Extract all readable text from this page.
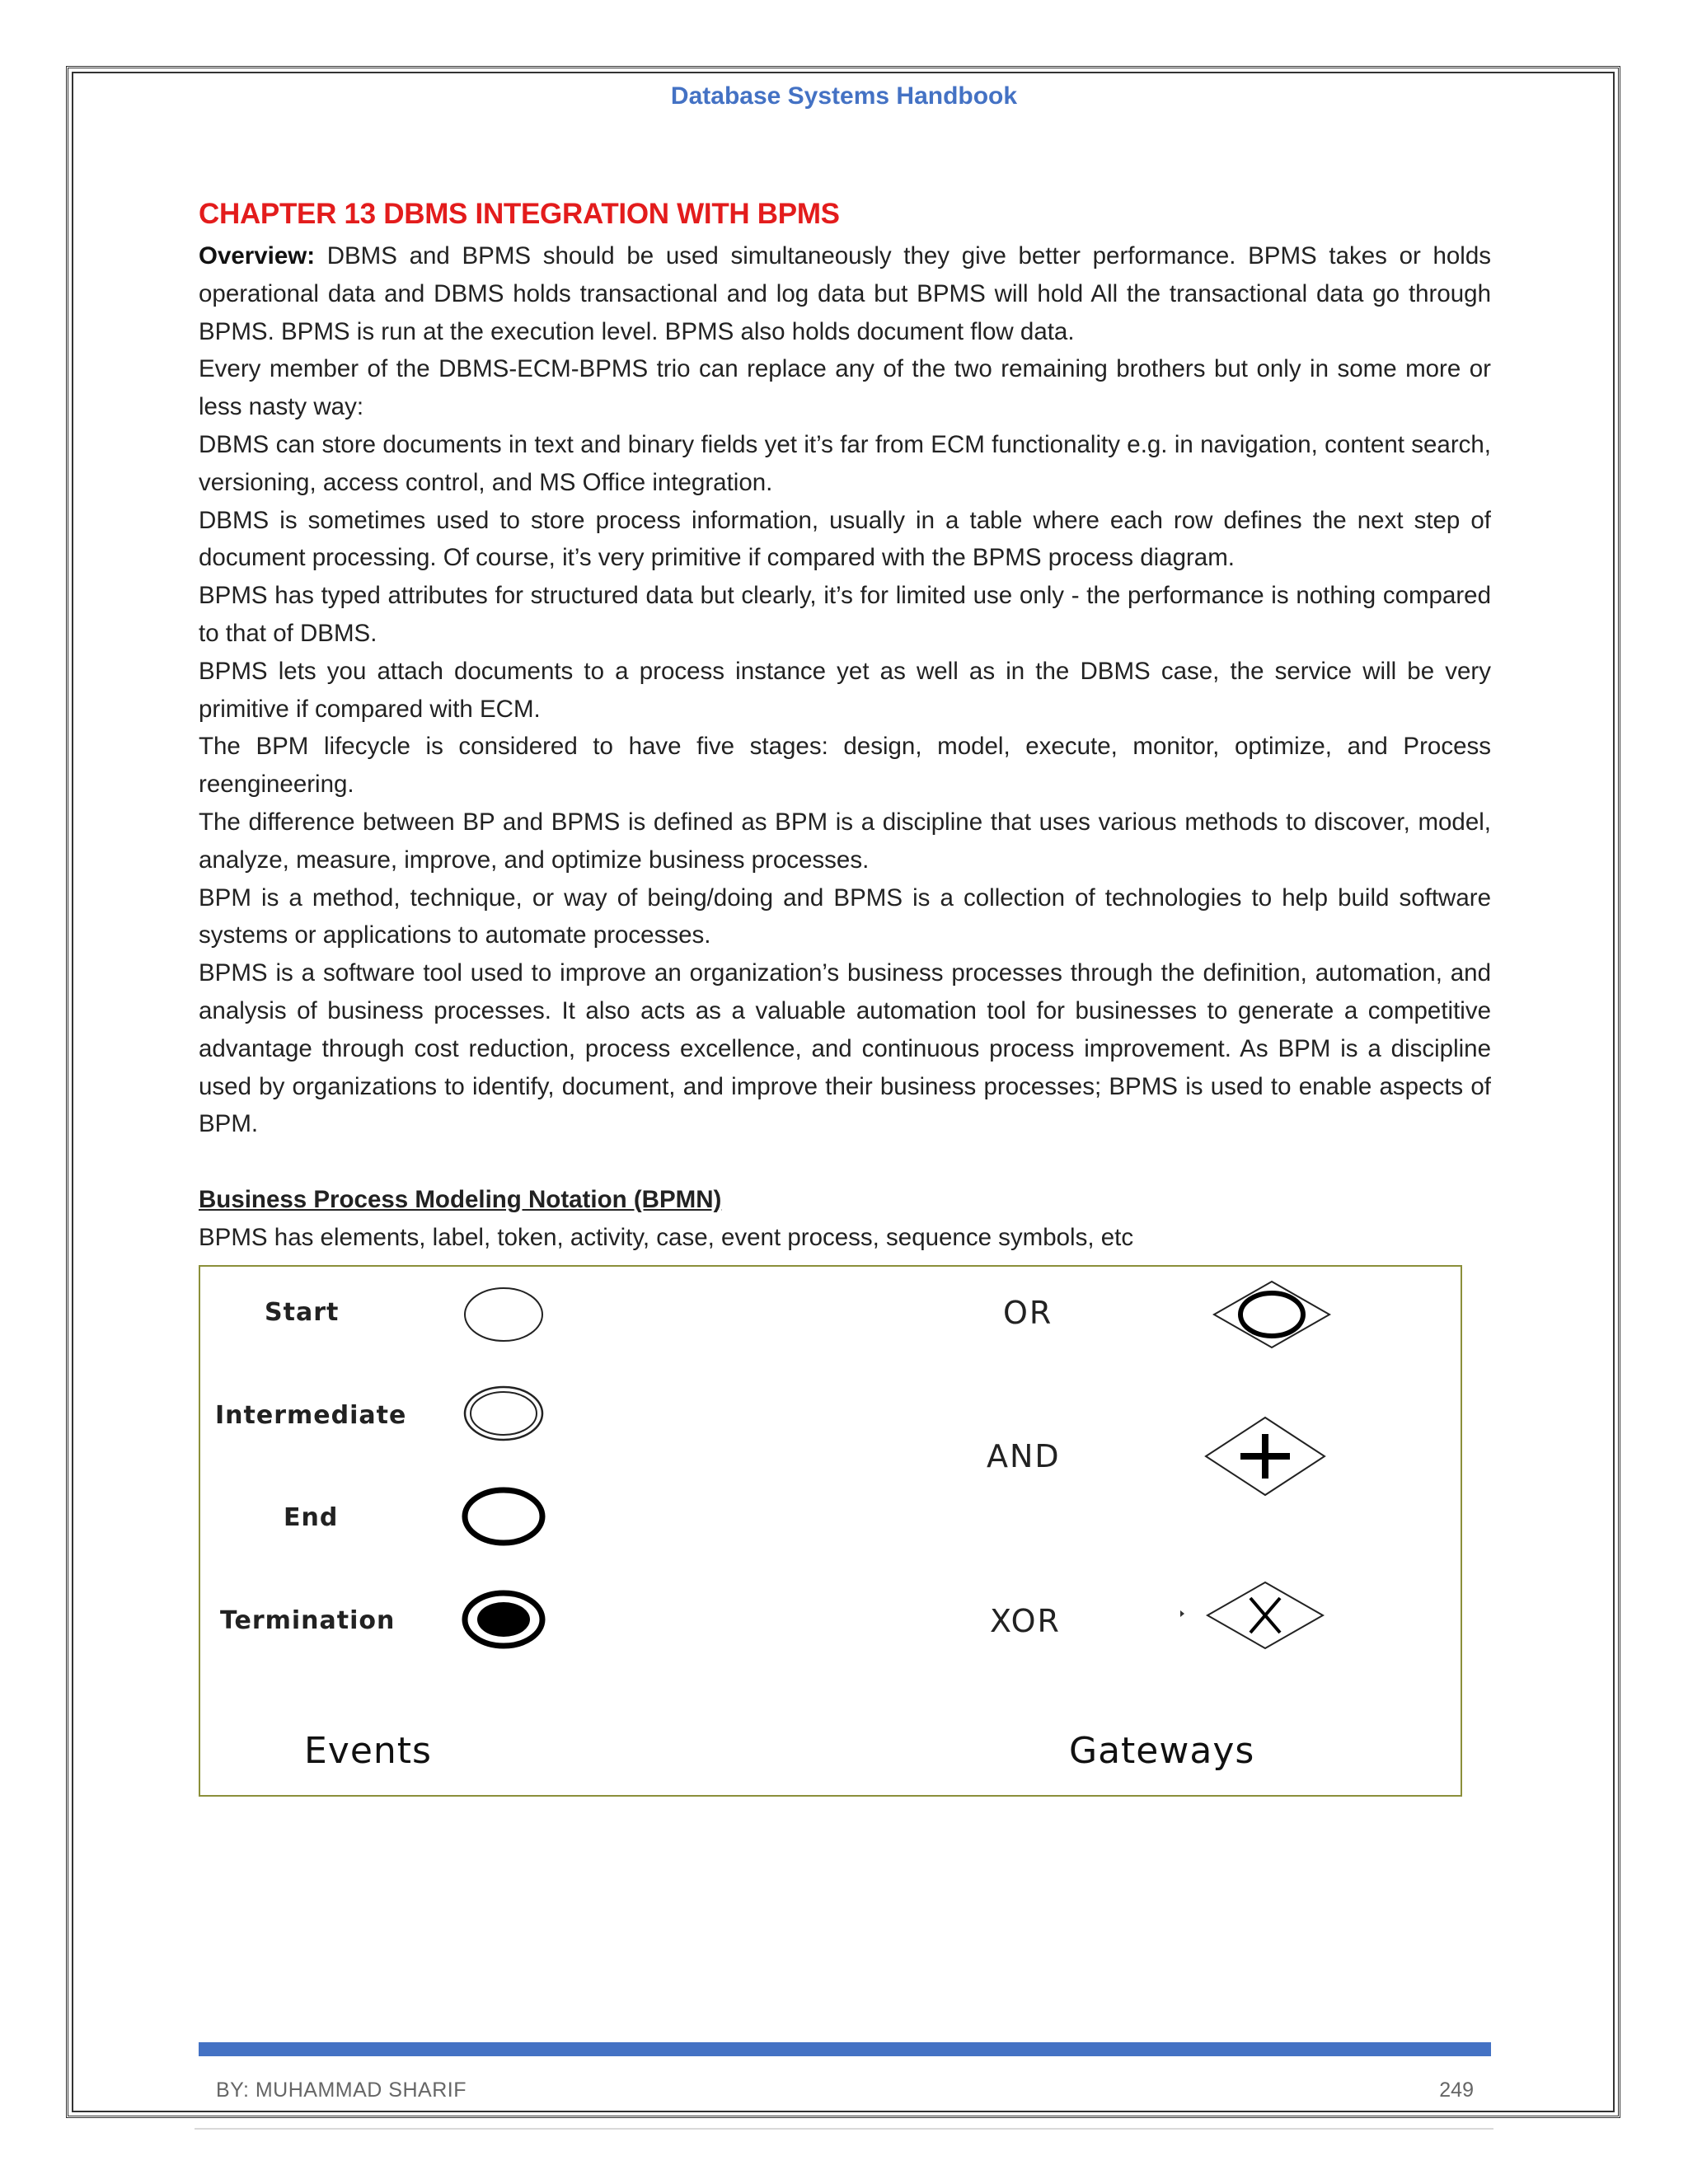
Database Systems Handbook
CHAPTER 13 DBMS INTEGRATION WITH BPMS

Overview: DBMS and BPMS should be used simultaneously they give better performance. BPMS takes or holds operational data and DBMS holds transactional and log data but BPMS will hold All the transactional data go through BPMS. BPMS is run at the execution level. BPMS also holds document flow data.

Every member of the DBMS-ECM-BPMS trio can replace any of the two remaining brothers but only in some more or less nasty way:

DBMS can store documents in text and binary fields yet it’s far from ECM functionality e.g. in navigation, content search, versioning, access control, and MS Office integration.

DBMS is sometimes used to store process information, usually in a table where each row defines the next step of document processing. Of course, it’s very primitive if compared with the BPMS process diagram.

BPMS has typed attributes for structured data but clearly, it’s for limited use only - the performance is nothing compared to that of DBMS.

BPMS lets you attach documents to a process instance yet as well as in the DBMS case, the service will be very primitive if compared with ECM.

The BPM lifecycle is considered to have five stages: design, model, execute, monitor, optimize, and Process reengineering.

The difference between BP and BPMS is defined as BPM is a discipline that uses various methods to discover, model, analyze, measure, improve, and optimize business processes.

BPM is a method, technique, or way of being/doing and BPMS is a collection of technologies to help build software systems or applications to automate processes.

BPMS is a software tool used to improve an organization’s business processes through the definition, automation, and analysis of business processes. It also acts as a valuable automation tool for businesses to generate a competitive advantage through cost reduction, process excellence, and continuous process improvement. As BPM is a discipline used by organizations to identify, document, and improve their business processes; BPMS is used to enable aspects of BPM.

Business Process Modeling Notation (BPMN)

BPMS has elements, label, token, activity, case, event process, sequence symbols, etc

Start
Intermediate
End
Termination
OR
AND
XOR
Events	Gateways
BY: MUHAMMAD SHARIF	249
